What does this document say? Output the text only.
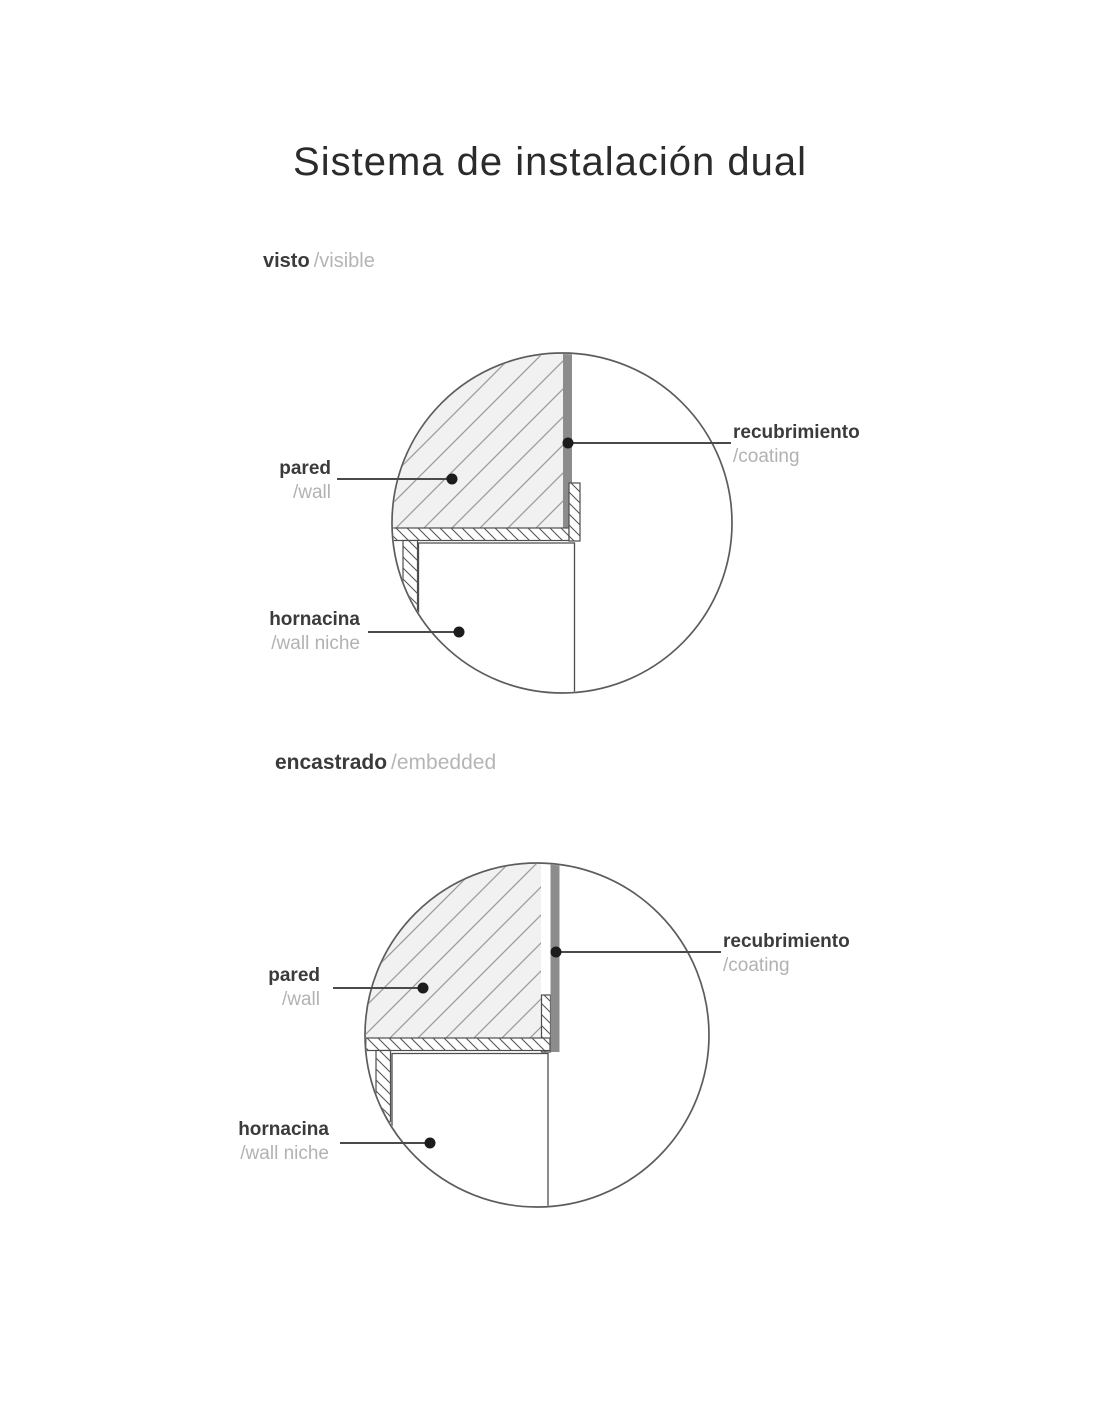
Sistema de instalación dual
visto /visible
encastrado /embedded
pared
/wall
recubrimiento
/coating
hornacina
/wall niche
pared
/wall
recubrimiento
/coating
hornacina
/wall niche
